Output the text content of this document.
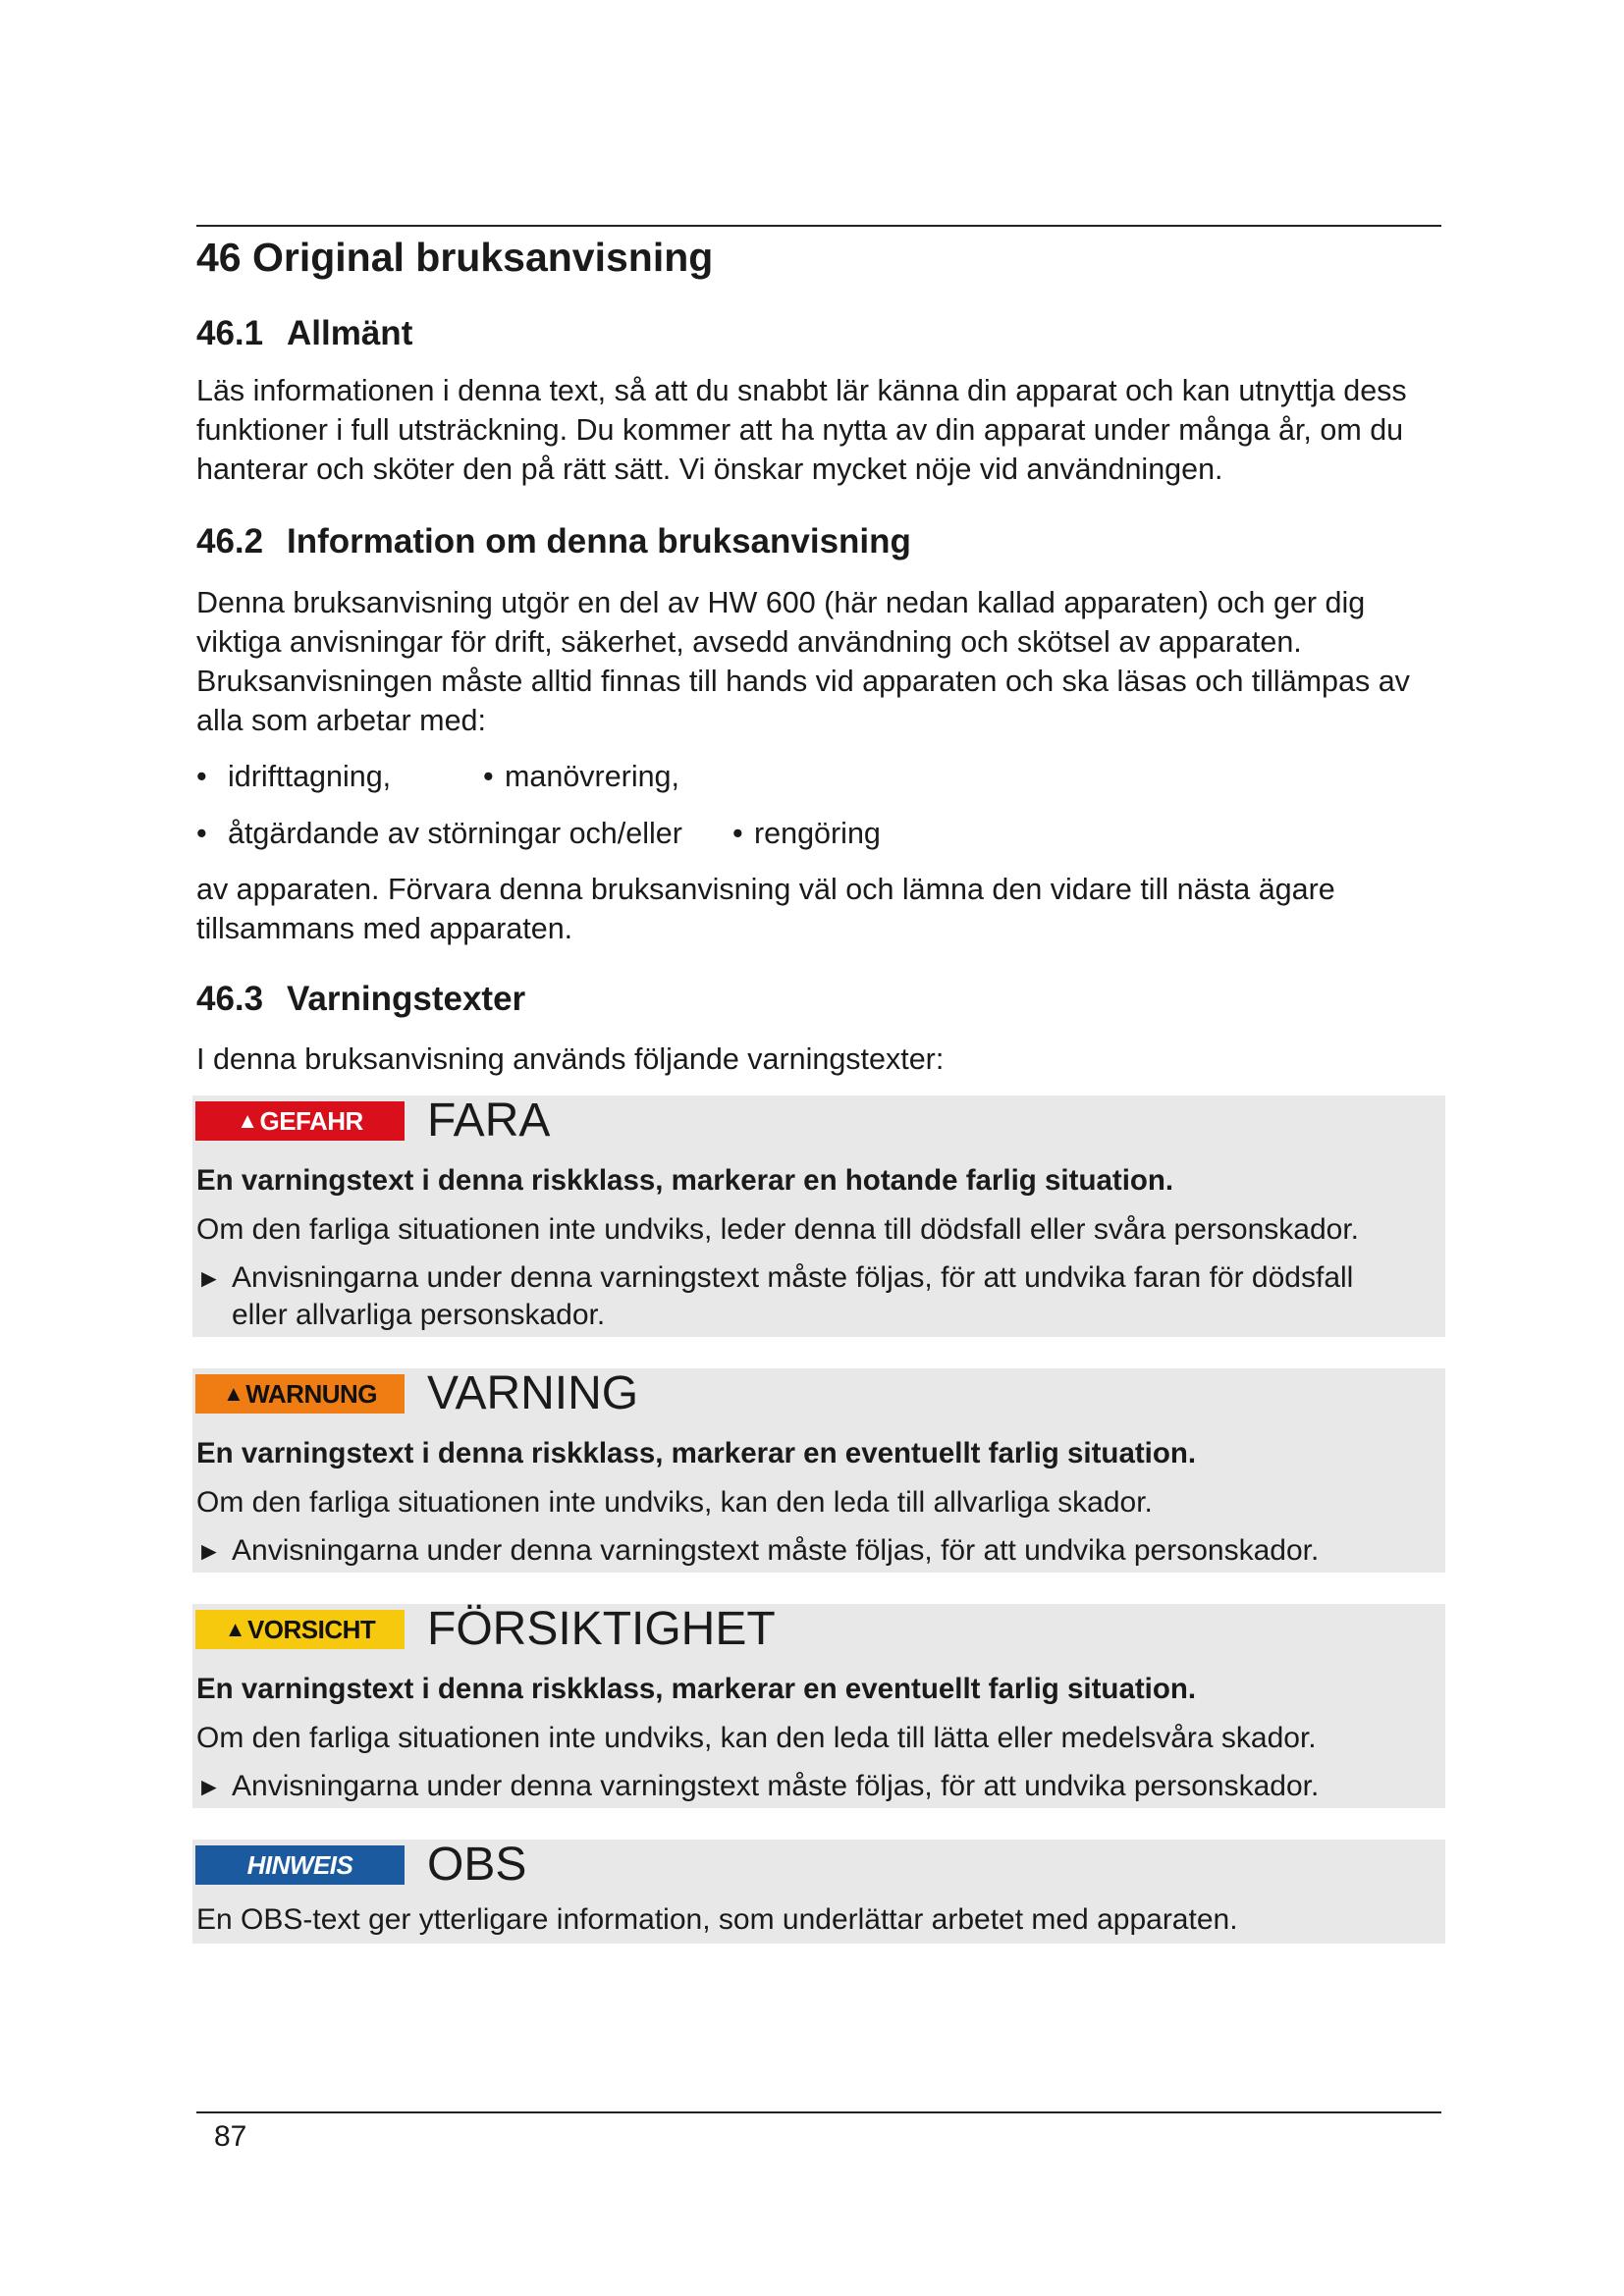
46 Original bruksanvisning
46.1 Allmänt

Läs informationen i denna text, så att du snabbt lär känna din apparat och kan utnyttja dess funktioner i full utsträckning. Du kommer att ha nytta av din apparat under många år, om du hanterar och sköter den på rätt sätt. Vi önskar mycket nöje vid användningen.

46.2 Information om denna bruksanvisning

Denna bruksanvisning utgör en del av HW 600 (här nedan kallad apparaten) och ger dig viktiga anvisningar för drift, säkerhet, avsedd användning och skötsel av apparaten. Bruksanvisningen måste alltid finnas till hands vid apparaten och ska läsas och tillämpas av alla som arbetar med:

• idrifttagning,	• manövrering,
• åtgärdande av störningar och/eller • rengöring

av apparaten. Förvara denna bruksanvisning väl och lämna den vidare till nästa ägare tillsammans med apparaten.

46.3 Varningstexter

I denna bruksanvisning används följande varningstexter:

▲ GEFAHR FARA
En varningstext i denna riskklass, markerar en hotande farlig situation.
Om den farliga situationen inte undviks, leder denna till dödsfall eller svåra personskador.
► Anvisningarna under denna varningstext måste följas, för att undvika faran för dödsfall
eller allvarliga personskador.
▲ WARNUNG VARNING
En varningstext i denna riskklass, markerar en eventuellt farlig situation.
Om den farliga situationen inte undviks, kan den leda till allvarliga skador.
► Anvisningarna under denna varningstext måste följas, för att undvika personskador.
▲ VORSICHT FÖRSIKTIGHET
En varningstext i denna riskklass, markerar en eventuellt farlig situation.
Om den farliga situationen inte undviks, kan den leda till lätta eller medelsvåra skador.
► Anvisningarna under denna varningstext måste följas, för att undvika personskador.
HINWEIS OBS
En OBS-text ger ytterligare information, som underlättar arbetet med apparaten.
87
